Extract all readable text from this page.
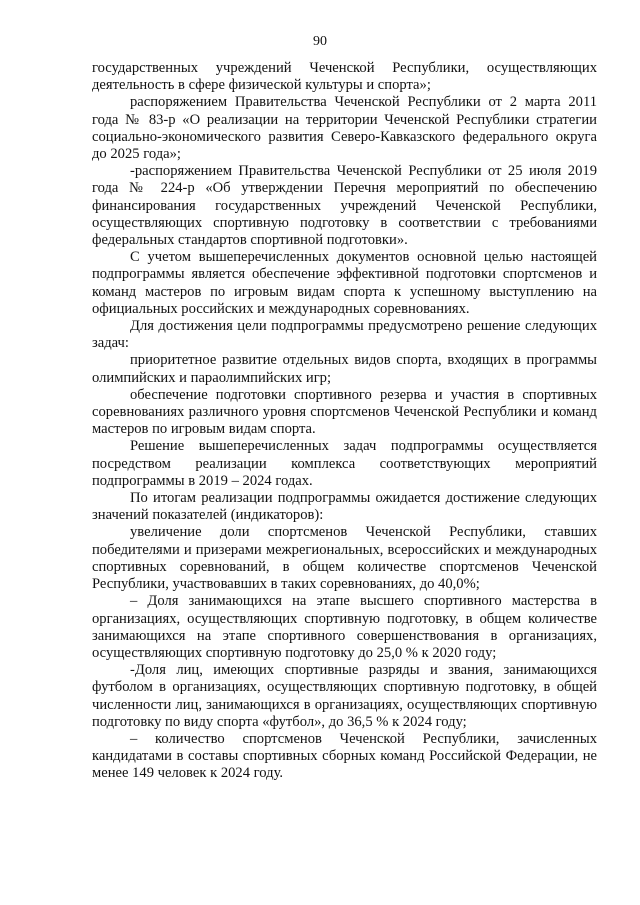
90

государственных учреждений Чеченской Республики, осуществляющих деятельность в сфере физической культуры и спорта»;

распоряжением Правительства Чеченской Республики от 2 марта 2011 года № 83-р «О реализации на территории Чеченской Республики стратегии социально-экономического развития Северо-Кавказского федерального округа до 2025 года»;

-распоряжением Правительства Чеченской Республики от 25 июля 2019 года № 224-р «Об утверждении Перечня мероприятий по обеспечению финансирования государственных учреждений Чеченской Республики, осуществляющих спортивную подготовку в соответствии с требованиями федеральных стандартов спортивной подготовки».

С учетом вышеперечисленных документов основной целью настоящей подпрограммы является обеспечение эффективной подготовки спортсменов и команд мастеров по игровым видам спорта к успешному выступлению на официальных российских и международных соревнованиях.

Для достижения цели подпрограммы предусмотрено решение следующих задач:

приоритетное развитие отдельных видов спорта, входящих в программы олимпийских и параолимпийских игр;

обеспечение подготовки спортивного резерва и участия в спортивных соревнованиях различного уровня спортсменов Чеченской Республики и команд мастеров по игровым видам спорта.

Решение вышеперечисленных задач подпрограммы осуществляется посредством реализации комплекса соответствующих мероприятий подпрограммы в 2019 – 2024 годах.

По итогам реализации подпрограммы ожидается достижение следующих значений показателей (индикаторов):

увеличение доли спортсменов Чеченской Республики, ставших победителями и призерами межрегиональных, всероссийских и международных спортивных соревнований, в общем количестве спортсменов Чеченской Республики, участвовавших в таких соревнованиях, до 40,0%;

– Доля занимающихся на этапе высшего спортивного мастерства в организациях, осуществляющих спортивную подготовку, в общем количестве занимающихся на этапе спортивного совершенствования в организациях, осуществляющих спортивную подготовку до 25,0 % к 2020 году;

-Доля лиц, имеющих спортивные разряды и звания, занимающихся футболом в организациях, осуществляющих спортивную подготовку, в общей численности лиц, занимающихся в организациях, осуществляющих спортивную подготовку по виду спорта «футбол», до 36,5 % к 2024 году;

– количество спортсменов Чеченской Республики, зачисленных кандидатами в составы спортивных сборных команд Российской Федерации, не менее 149 человек к 2024 году.
